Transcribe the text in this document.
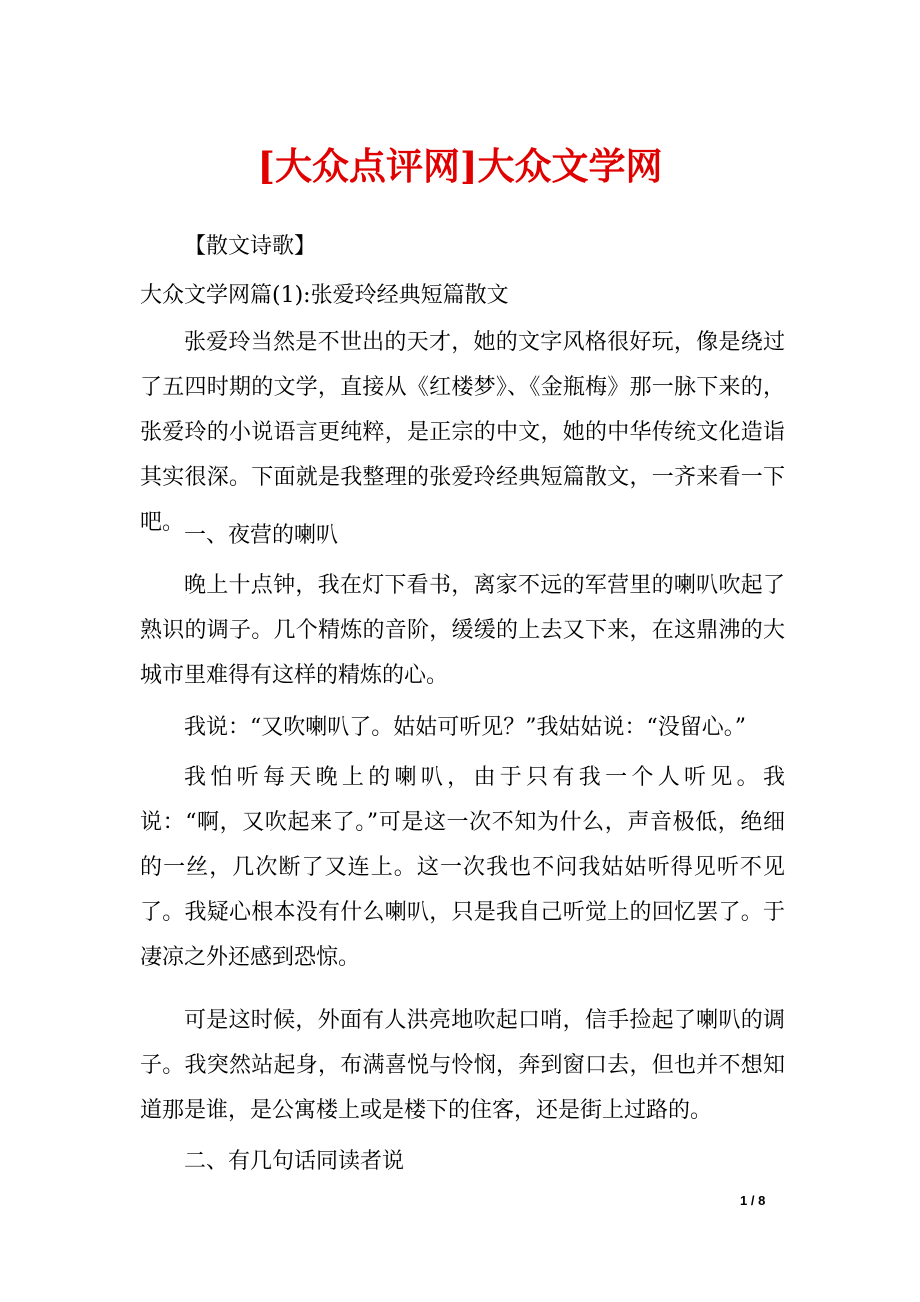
[大众点评网]大众文学网

【散文诗歌】

大众文学网篇(1):张爱玲经典短篇散文

张爱玲当然是不世出的天才，她的文字风格很好玩，像是绕过了五四时期的文学，直接从《红楼梦》、《金瓶梅》那一脉下来的，张爱玲的小说语言更纯粹，是正宗的中文，她的中华传统文化造诣其实很深。下面就是我整理的张爱玲经典短篇散文，一齐来看一下吧。

一、夜营的喇叭

晚上十点钟，我在灯下看书，离家不远的军营里的喇叭吹起了熟识的调子。几个精炼的音阶，缓缓的上去又下来，在这鼎沸的大城市里难得有这样的精炼的心。

我说：“又吹喇叭了。姑姑可听见？”我姑姑说：“没留心。”

我怕听每天晚上的喇叭，由于只有我一个人听见。我说：“啊，又吹起来了。”可是这一次不知为什么，声音极低，绝细的一丝，几次断了又连上。这一次我也不问我姑姑听得见听不见了。我疑心根本没有什么喇叭，只是我自己听觉上的回忆罢了。于凄凉之外还感到恐惊。

可是这时候，外面有人洪亮地吹起口哨，信手捡起了喇叭的调子。我突然站起身，布满喜悦与怜悯，奔到窗口去，但也并不想知道那是谁，是公寓楼上或是楼下的住客，还是街上过路的。

二、有几句话同读者说

1 / 8
